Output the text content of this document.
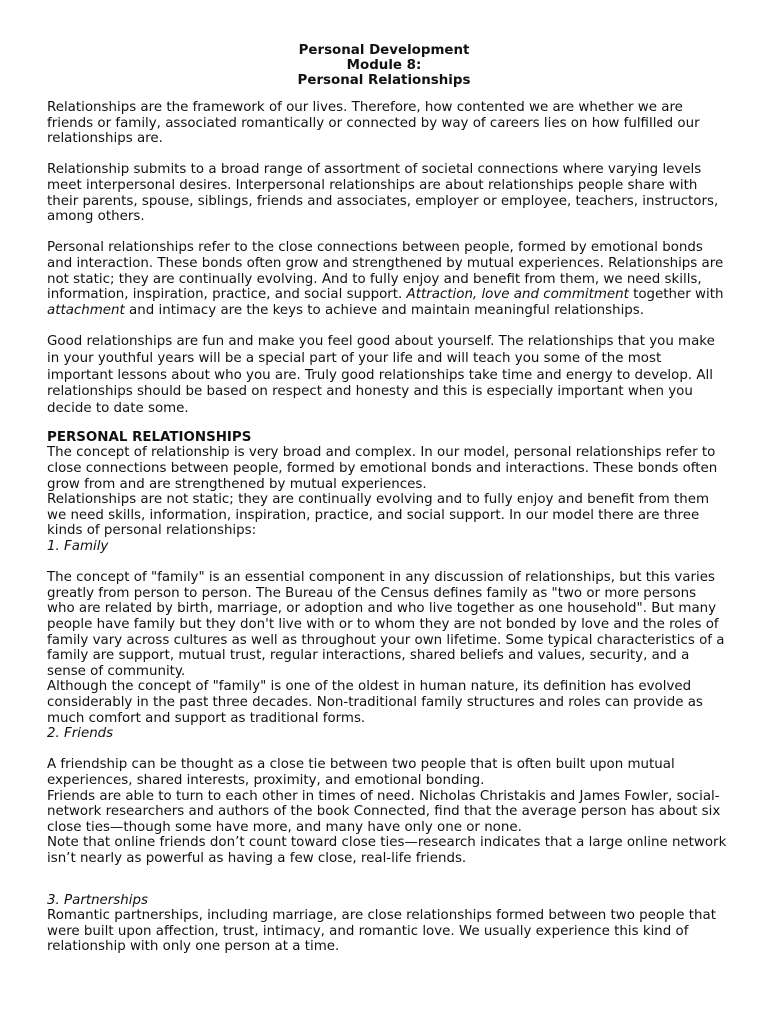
Personal Development
Module 8:
Personal Relationships

Relationships are the framework of our lives. Therefore, how contented we are whether we are friends or family, associated romantically or connected by way of careers lies on how fulfilled our relationships are.

Relationship submits to a broad range of assortment of societal connections where varying levels meet interpersonal desires. Interpersonal relationships are about relationships people share with their parents, spouse, siblings, friends and associates, employer or employee, teachers, instructors, among others.

Personal relationships refer to the close connections between people, formed by emotional bonds and interaction. These bonds often grow and strengthened by mutual experiences. Relationships are not static; they are continually evolving. And to fully enjoy and benefit from them, we need skills, information, inspiration, practice, and social support. Attraction, love and commitment together with attachment and intimacy are the keys to achieve and maintain meaningful relationships.

Good relationships are fun and make you feel good about yourself. The relationships that you make in your youthful years will be a special part of your life and will teach you some of the most important lessons about who you are. Truly good relationships take time and energy to develop. All relationships should be based on respect and honesty and this is especially important when you decide to date some.

PERSONAL RELATIONSHIPS

The concept of relationship is very broad and complex. In our model, personal relationships refer to close connections between people, formed by emotional bonds and interactions. These bonds often grow from and are strengthened by mutual experiences.

Relationships are not static; they are continually evolving and to fully enjoy and benefit from them we need skills, information, inspiration, practice, and social support. In our model there are three kinds of personal relationships:

1. Family

The concept of "family" is an essential component in any discussion of relationships, but this varies greatly from person to person. The Bureau of the Census defines family as "two or more persons who are related by birth, marriage, or adoption and who live together as one household". But many people have family but they don't live with or to whom they are not bonded by love and the roles of family vary across cultures as well as throughout your own lifetime. Some typical characteristics of a family are support, mutual trust, regular interactions, shared beliefs and values, security, and a sense of community.

Although the concept of "family" is one of the oldest in human nature, its definition has evolved considerably in the past three decades. Non-traditional family structures and roles can provide as much comfort and support as traditional forms.

2. Friends

A friendship can be thought as a close tie between two people that is often built upon mutual experiences, shared interests, proximity, and emotional bonding.

Friends are able to turn to each other in times of need. Nicholas Christakis and James Fowler, social-network researchers and authors of the book Connected, find that the average person has about six close ties—though some have more, and many have only one or none.

Note that online friends don’t count toward close ties—research indicates that a large online network isn’t nearly as powerful as having a few close, real-life friends.

3. Partnerships

Romantic partnerships, including marriage, are close relationships formed between two people that were built upon affection, trust, intimacy, and romantic love. We usually experience this kind of relationship with only one person at a time.
